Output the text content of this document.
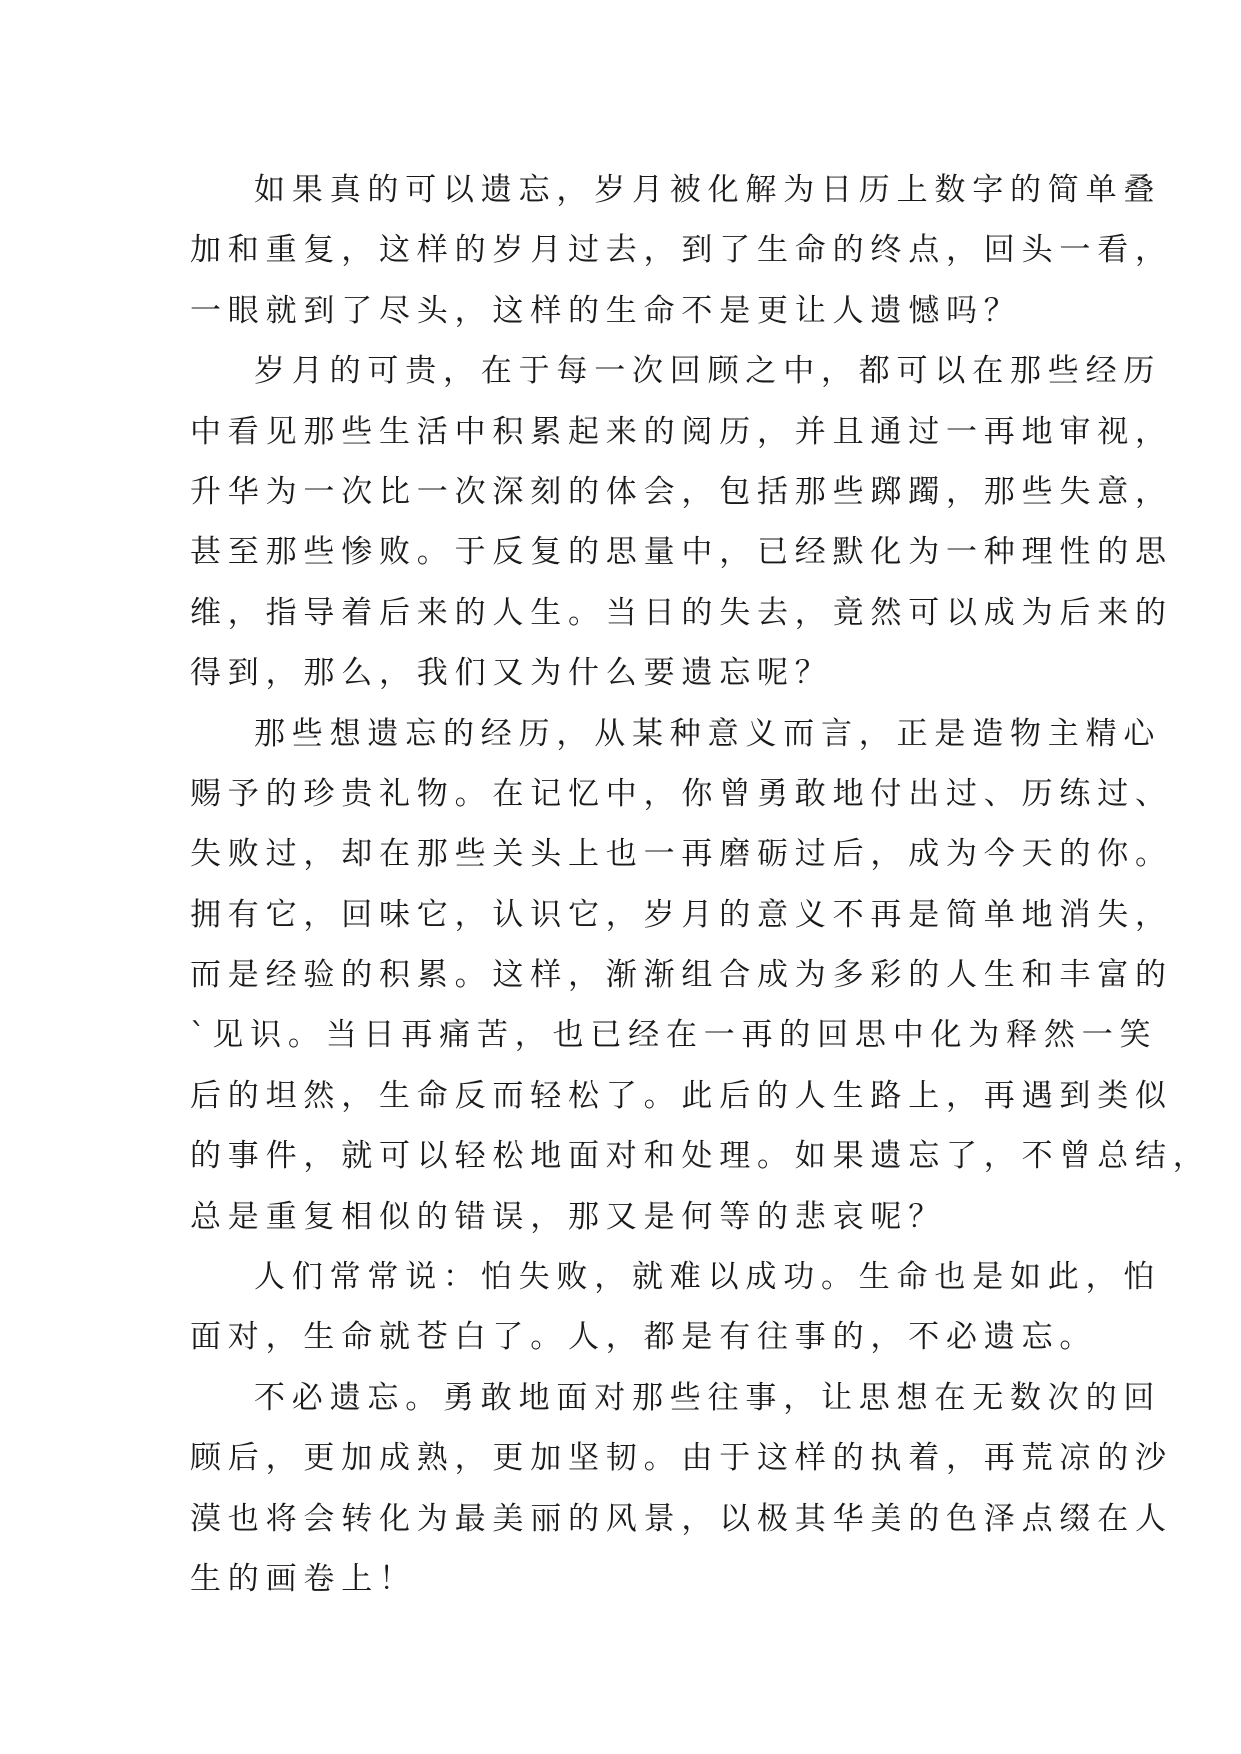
如果真的可以遗忘，岁月被化解为日历上数字的简单叠
加和重复，这样的岁月过去，到了生命的终点，回头一看，
一眼就到了尽头，这样的生命不是更让人遗憾吗？
岁月的可贵，在于每一次回顾之中，都可以在那些经历
中看见那些生活中积累起来的阅历，并且通过一再地审视，
升华为一次比一次深刻的体会，包括那些踯躅，那些失意，
甚至那些惨败。于反复的思量中，已经默化为一种理性的思
维，指导着后来的人生。当日的失去，竟然可以成为后来的
得到，那么，我们又为什么要遗忘呢？
那些想遗忘的经历，从某种意义而言，正是造物主精心
赐予的珍贵礼物。在记忆中，你曾勇敢地付出过、历练过、
失败过，却在那些关头上也一再磨砺过后，成为今天的你。
拥有它，回味它，认识它，岁月的意义不再是简单地消失，
而是经验的积累。这样，渐渐组合成为多彩的人生和丰富的
`见识。当日再痛苦，也已经在一再的回思中化为释然一笑
后的坦然，生命反而轻松了。此后的人生路上，再遇到类似
的事件，就可以轻松地面对和处理。如果遗忘了，不曾总结，
总是重复相似的错误，那又是何等的悲哀呢？
人们常常说：怕失败，就难以成功。生命也是如此，怕
面对，生命就苍白了。人，都是有往事的，不必遗忘。
不必遗忘。勇敢地面对那些往事，让思想在无数次的回
顾后，更加成熟，更加坚韧。由于这样的执着，再荒凉的沙
漠也将会转化为最美丽的风景，以极其华美的色泽点缀在人
生的画卷上！
